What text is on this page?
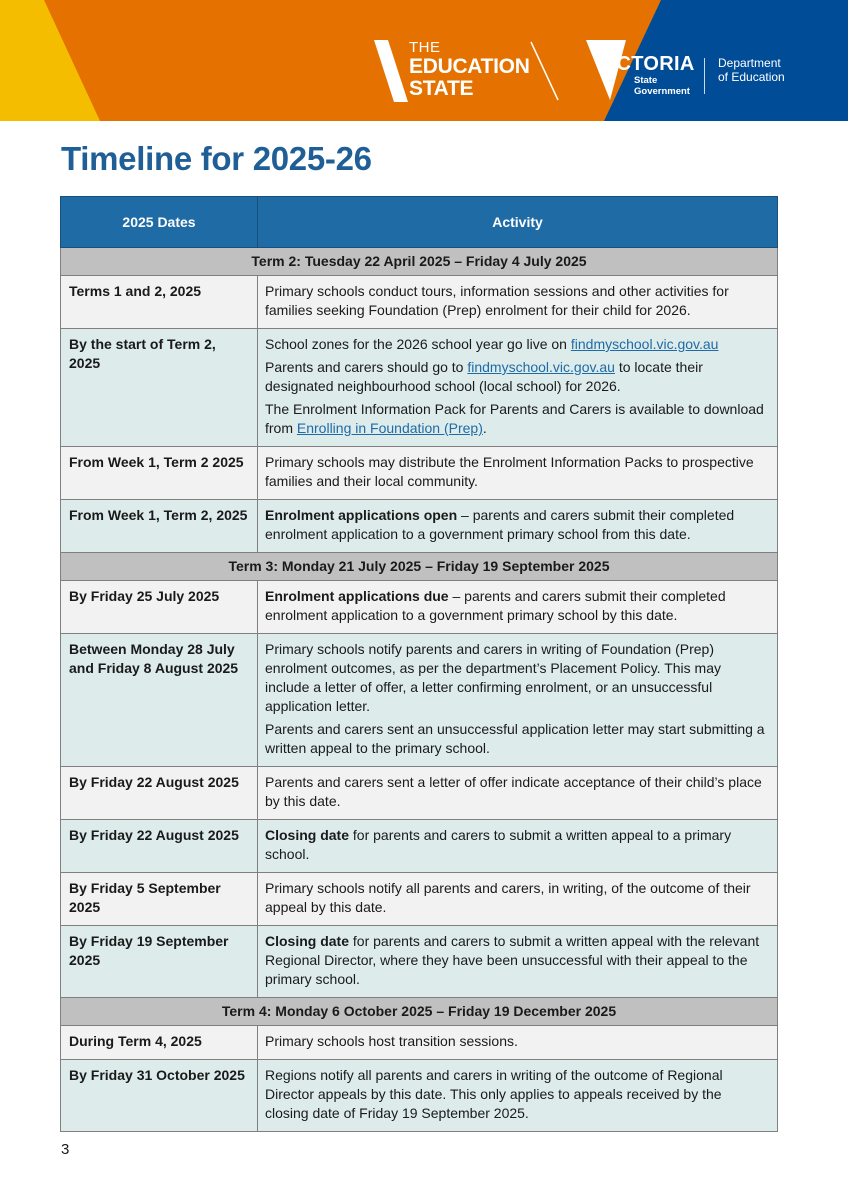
THE
EDUCATION
STATE
VICTORIA
State
Government
Department
of Education
Timeline for 2025-26
2025 Dates	Activity
Term 2: Tuesday 22 April 2025 – Friday 4 July 2025	
Terms 1 and 2, 2025	Primary schools conduct tours, information sessions and other activities for families seeking Foundation (Prep) enrolment for their child for 2026.

By the start of Term 2, 2025	School zones for the 2026 school year go live on findmyschool.vic.gov.au

Parents and carers should go to findmyschool.vic.gov.au to locate their designated neighbourhood school (local school) for 2026.

The Enrolment Information Pack for Parents and Carers is available to download from Enrolling in Foundation (Prep).

From Week 1, Term 2 2025	Primary schools may distribute the Enrolment Information Packs to prospective families and their local community.

From Week 1, Term 2, 2025	Enrolment applications open – parents and carers submit their completed enrolment application to a government primary school from this date.

Term 3: Monday 21 July 2025 – Friday 19 September 2025	
By Friday 25 July 2025	Enrolment applications due – parents and carers submit their completed enrolment application to a government primary school by this date.

Between Monday 28 July and Friday 8 August 2025	Primary schools notify parents and carers in writing of Foundation (Prep) enrolment outcomes, as per the department’s Placement Policy. This may include a letter of offer, a letter confirming enrolment, or an unsuccessful application letter.

Parents and carers sent an unsuccessful application letter may start submitting a written appeal to the primary school.

By Friday 22 August 2025	Parents and carers sent a letter of offer indicate acceptance of their child’s place by this date.

By Friday 22 August 2025	Closing date for parents and carers to submit a written appeal to a primary school.

By Friday 5 September 2025	Primary schools notify all parents and carers, in writing, of the outcome of their appeal by this date.

By Friday 19 September 2025	Closing date for parents and carers to submit a written appeal with the relevant Regional Director, where they have been unsuccessful with their appeal to the primary school.

Term 4: Monday 6 October 2025 – Friday 19 December 2025	
During Term 4, 2025	Primary schools host transition sessions.

By Friday 31 October 2025	Regions notify all parents and carers in writing of the outcome of Regional Director appeals by this date. This only applies to appeals received by the closing date of Friday 19 September 2025.

3
